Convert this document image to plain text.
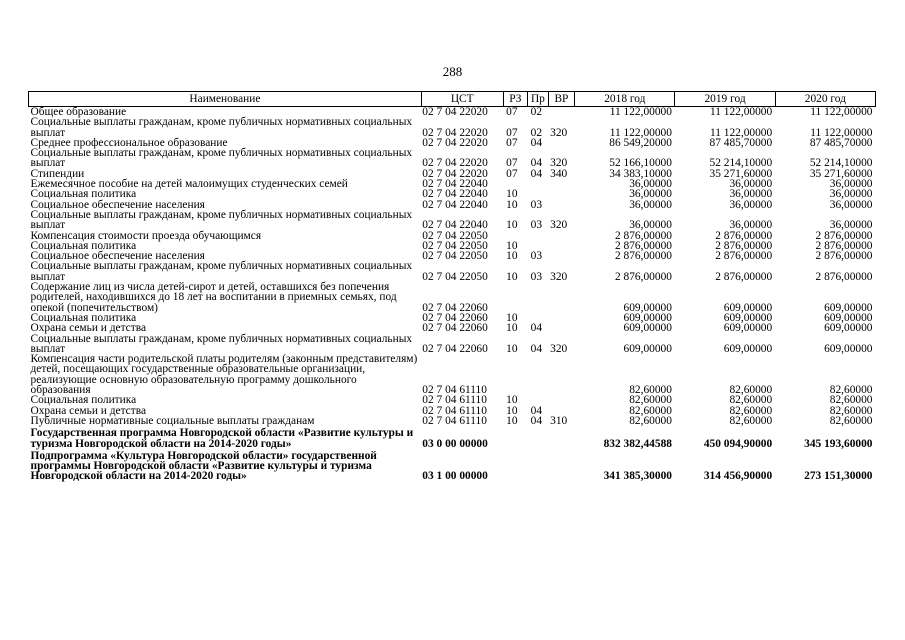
288
Наименование	ЦСТ	РЗ	Пр	ВР	2018 год	2019 год	2020 год
Общее образование	02 7 04 22020	07	02		11 122,00000	11 122,00000	11 122,00000
Социальные выплаты гражданам, кроме публичных нормативных социальных выплат	02 7 04 22020	07	02	320	11 122,00000	11 122,00000	11 122,00000
Среднее профессиональное образование	02 7 04 22020	07	04		86 549,20000	87 485,70000	87 485,70000
Социальные выплаты гражданам, кроме публичных нормативных социальных выплат	02 7 04 22020	07	04	320	52 166,10000	52 214,10000	52 214,10000
Стипендии	02 7 04 22020	07	04	340	34 383,10000	35 271,60000	35 271,60000
Ежемесячное пособие на детей малоимущих студенческих семей	02 7 04 22040				36,00000	36,00000	36,00000
Социальная политика	02 7 04 22040	10			36,00000	36,00000	36,00000
Социальное обеспечение населения	02 7 04 22040	10	03		36,00000	36,00000	36,00000
Социальные выплаты гражданам, кроме публичных нормативных социальных выплат	02 7 04 22040	10	03	320	36,00000	36,00000	36,00000
Компенсация стоимости проезда обучающимся	02 7 04 22050				2 876,00000	2 876,00000	2 876,00000
Социальная политика	02 7 04 22050	10			2 876,00000	2 876,00000	2 876,00000
Социальное обеспечение населения	02 7 04 22050	10	03		2 876,00000	2 876,00000	2 876,00000
Социальные выплаты гражданам, кроме публичных нормативных социальных выплат	02 7 04 22050	10	03	320	2 876,00000	2 876,00000	2 876,00000
Содержание лиц из числа детей-сирот и детей, оставшихся без попечения родителей, находившихся до 18 лет на воспитании в приемных семьях, под опекой (попечительством)	02 7 04 22060				609,00000	609,00000	609,00000
Социальная политика	02 7 04 22060	10			609,00000	609,00000	609,00000
Охрана семьи и детства	02 7 04 22060	10	04		609,00000	609,00000	609,00000
Социальные выплаты гражданам, кроме публичных нормативных социальных выплат	02 7 04 22060	10	04	320	609,00000	609,00000	609,00000
Компенсация части родительской платы родителям (законным представителям) детей, посещающих государственные образовательные организации, реализующие основную образовательную программу дошкольного образования	02 7 04 61110				82,60000	82,60000	82,60000
Социальная политика	02 7 04 61110	10			82,60000	82,60000	82,60000
Охрана семьи и детства	02 7 04 61110	10	04		82,60000	82,60000	82,60000
Публичные нормативные социальные выплаты гражданам	02 7 04 61110	10	04	310	82,60000	82,60000	82,60000
Государственная программа Новгородской области «Развитие культуры и туризма Новгородской области на 2014-2020 годы»	03 0 00 00000				832 382,44588	450 094,90000	345 193,60000
Подпрограмма «Культура Новгородской области» государственной программы Новгородской области «Развитие культуры и туризма Новгородской области на 2014-2020 годы»	03 1 00 00000				341 385,30000	314 456,90000	273 151,30000
